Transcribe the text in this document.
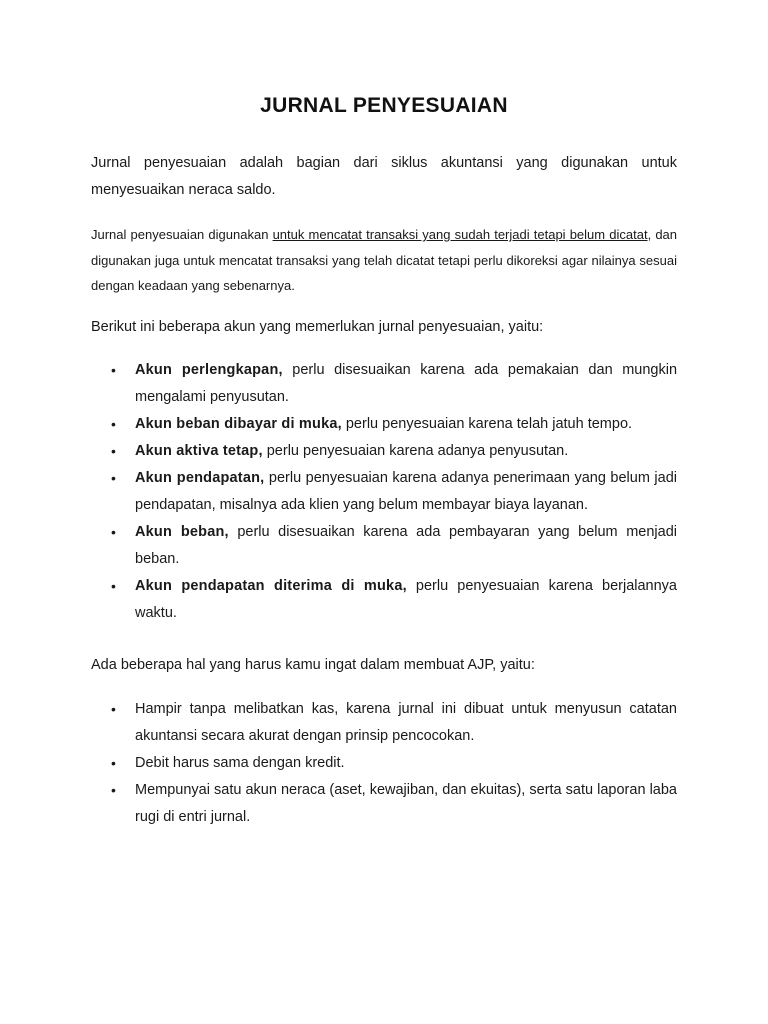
JURNAL PENYESUAIAN

Jurnal penyesuaian adalah bagian dari siklus akuntansi yang digunakan untuk menyesuaikan neraca saldo.

Jurnal penyesuaian digunakan untuk mencatat transaksi yang sudah terjadi tetapi belum dicatat, dan digunakan juga untuk mencatat transaksi yang telah dicatat tetapi perlu dikoreksi agar nilainya sesuai dengan keadaan yang sebenarnya.

Berikut ini beberapa akun yang memerlukan jurnal penyesuaian, yaitu:

• Akun perlengkapan, perlu disesuaikan karena ada pemakaian dan mungkin mengalami penyusutan.
• Akun beban dibayar di muka, perlu penyesuaian karena telah jatuh tempo.
• Akun aktiva tetap, perlu penyesuaian karena adanya penyusutan.
• Akun pendapatan, perlu penyesuaian karena adanya penerimaan yang belum jadi pendapatan, misalnya ada klien yang belum membayar biaya layanan.
• Akun beban, perlu disesuaikan karena ada pembayaran yang belum menjadi beban.
• Akun pendapatan diterima di muka, perlu penyesuaian karena berjalannya waktu.

Ada beberapa hal yang harus kamu ingat dalam membuat AJP, yaitu:

• Hampir tanpa melibatkan kas, karena jurnal ini dibuat untuk menyusun catatan akuntansi secara akurat dengan prinsip pencocokan.
• Debit harus sama dengan kredit.
• Mempunyai satu akun neraca (aset, kewajiban, dan ekuitas), serta satu laporan laba rugi di entri jurnal.
